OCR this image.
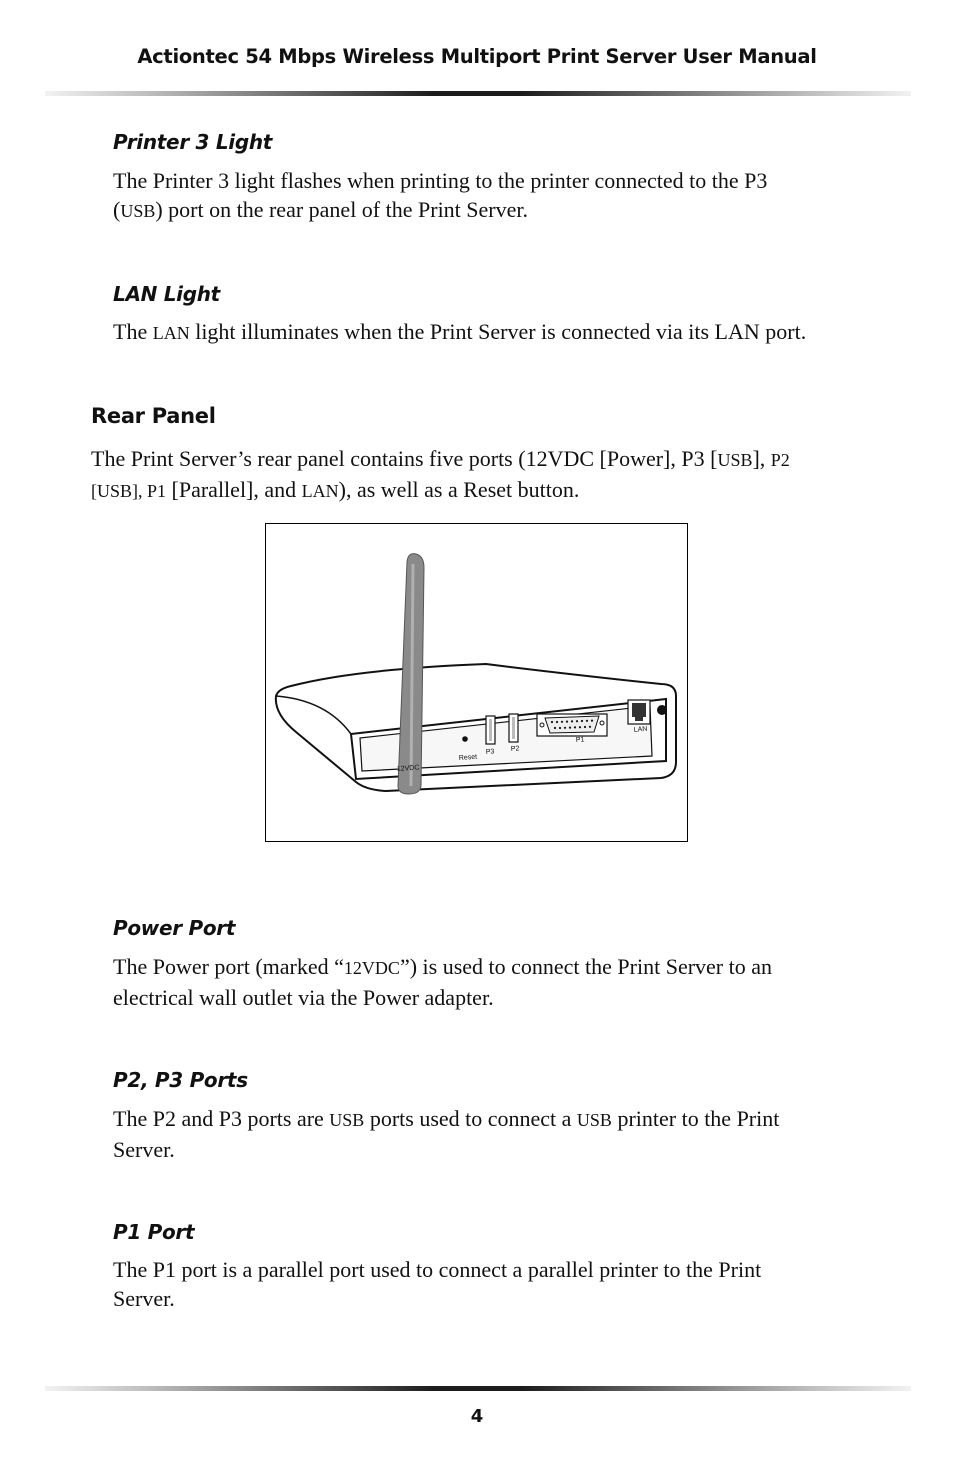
Actiontec 54 Mbps Wireless Multiport Print Server User Manual
Printer 3 Light
The Printer 3 light flashes when printing to the printer connected to the P3
(USB) port on the rear panel of the Print Server.
LAN Light
The LAN light illuminates when the Print Server is connected via its LAN port.
Rear Panel
The Print Server’s rear panel contains five ports (12VDC [Power], P3 [USB], P2
[USB], P1 [Parallel], and LAN), as well as a Reset button.
12VDC
Reset
P3 P2
P1
LAN
Power Port
The Power port (marked “12VDC”) is used to connect the Print Server to an
electrical wall outlet via the Power adapter.
P2, P3 Ports
The P2 and P3 ports are USB ports used to connect a USB printer to the Print
Server.
P1 Port
The P1 port is a parallel port used to connect a parallel printer to the Print
Server.
4
